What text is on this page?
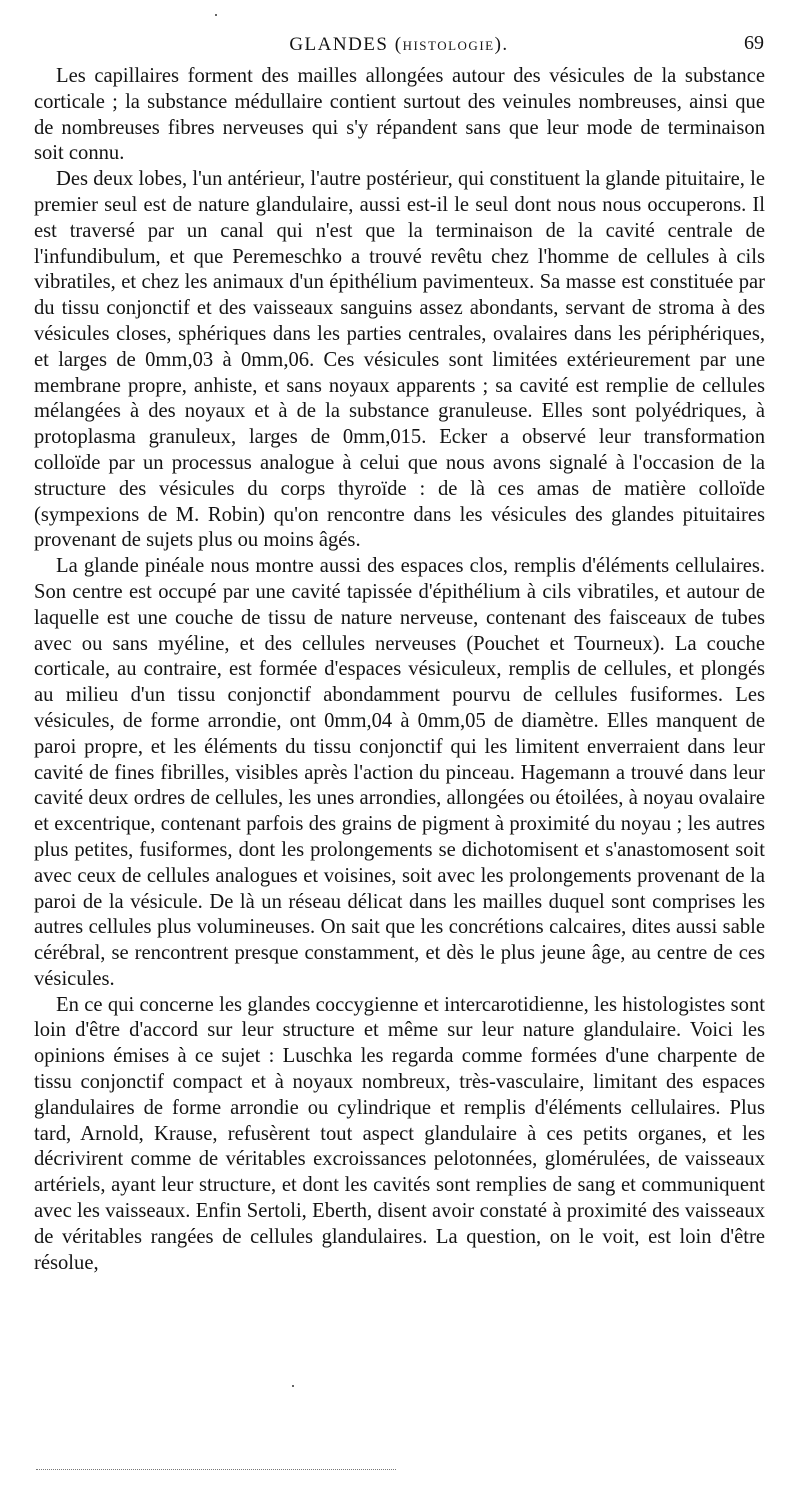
GLANDES (HISTOLOGIE).	69

Les capillaires forment des mailles allongées autour des vésicules de la substance corticale ; la substance médullaire contient surtout des veinules nombreuses, ainsi que de nombreuses fibres nerveuses qui s'y répandent sans que leur mode de terminaison soit connu.

Des deux lobes, l'un antérieur, l'autre postérieur, qui constituent la glande pituitaire, le premier seul est de nature glandulaire, aussi est-il le seul dont nous nous occuperons. Il est traversé par un canal qui n'est que la terminaison de la cavité centrale de l'infundibulum, et que Peremeschko a trouvé revêtu chez l'homme de cellules à cils vibratiles, et chez les animaux d'un épithélium pavimenteux. Sa masse est constituée par du tissu conjonctif et des vaisseaux sanguins assez abondants, servant de stroma à des vésicules closes, sphériques dans les parties centrales, ovalaires dans les périphériques, et larges de 0mm,03 à 0mm,06. Ces vésicules sont limitées extérieurement par une membrane propre, anhiste, et sans noyaux apparents ; sa cavité est remplie de cellules mélangées à des noyaux et à de la substance granuleuse. Elles sont polyédriques, à protoplasma granuleux, larges de 0mm,015. Ecker a observé leur transformation colloïde par un processus analogue à celui que nous avons signalé à l'occasion de la structure des vésicules du corps thyroïde : de là ces amas de matière colloïde (sympexions de M. Robin) qu'on rencontre dans les vésicules des glandes pituitaires provenant de sujets plus ou moins âgés.

La glande pinéale nous montre aussi des espaces clos, remplis d'éléments cellulaires. Son centre est occupé par une cavité tapissée d'épithélium à cils vibratiles, et autour de laquelle est une couche de tissu de nature nerveuse, contenant des faisceaux de tubes avec ou sans myéline, et des cellules nerveuses (Pouchet et Tourneux). La couche corticale, au contraire, est formée d'espaces vésiculeux, remplis de cellules, et plongés au milieu d'un tissu conjonctif abondamment pourvu de cellules fusiformes. Les vésicules, de forme arrondie, ont 0mm,04 à 0mm,05 de diamètre. Elles manquent de paroi propre, et les éléments du tissu conjonctif qui les limitent enverraient dans leur cavité de fines fibrilles, visibles après l'action du pinceau. Hagemann a trouvé dans leur cavité deux ordres de cellules, les unes arrondies, allongées ou étoilées, à noyau ovalaire et excentrique, contenant parfois des grains de pigment à proximité du noyau ; les autres plus petites, fusiformes, dont les prolongements se dichotomisent et s'anastomosent soit avec ceux de cellules analogues et voisines, soit avec les prolongements provenant de la paroi de la vésicule. De là un réseau délicat dans les mailles duquel sont comprises les autres cellules plus volumineuses. On sait que les concrétions calcaires, dites aussi sable cérébral, se rencontrent presque constamment, et dès le plus jeune âge, au centre de ces vésicules.

En ce qui concerne les glandes coccygienne et intercarotidienne, les histologistes sont loin d'être d'accord sur leur structure et même sur leur nature glandulaire. Voici les opinions émises à ce sujet : Luschka les regarda comme formées d'une charpente de tissu conjonctif compact et à noyaux nombreux, très-vasculaire, limitant des espaces glandulaires de forme arrondie ou cylindrique et remplis d'éléments cellulaires. Plus tard, Arnold, Krause, refusèrent tout aspect glandulaire à ces petits organes, et les décrivirent comme de véritables excroissances pelotonnées, glomérulées, de vaisseaux artériels, ayant leur structure, et dont les cavités sont remplies de sang et communiquent avec les vaisseaux. Enfin Sertoli, Eberth, disent avoir constaté à proximité des vaisseaux de véritables rangées de cellules glandulaires. La question, on le voit, est loin d'être résolue,
